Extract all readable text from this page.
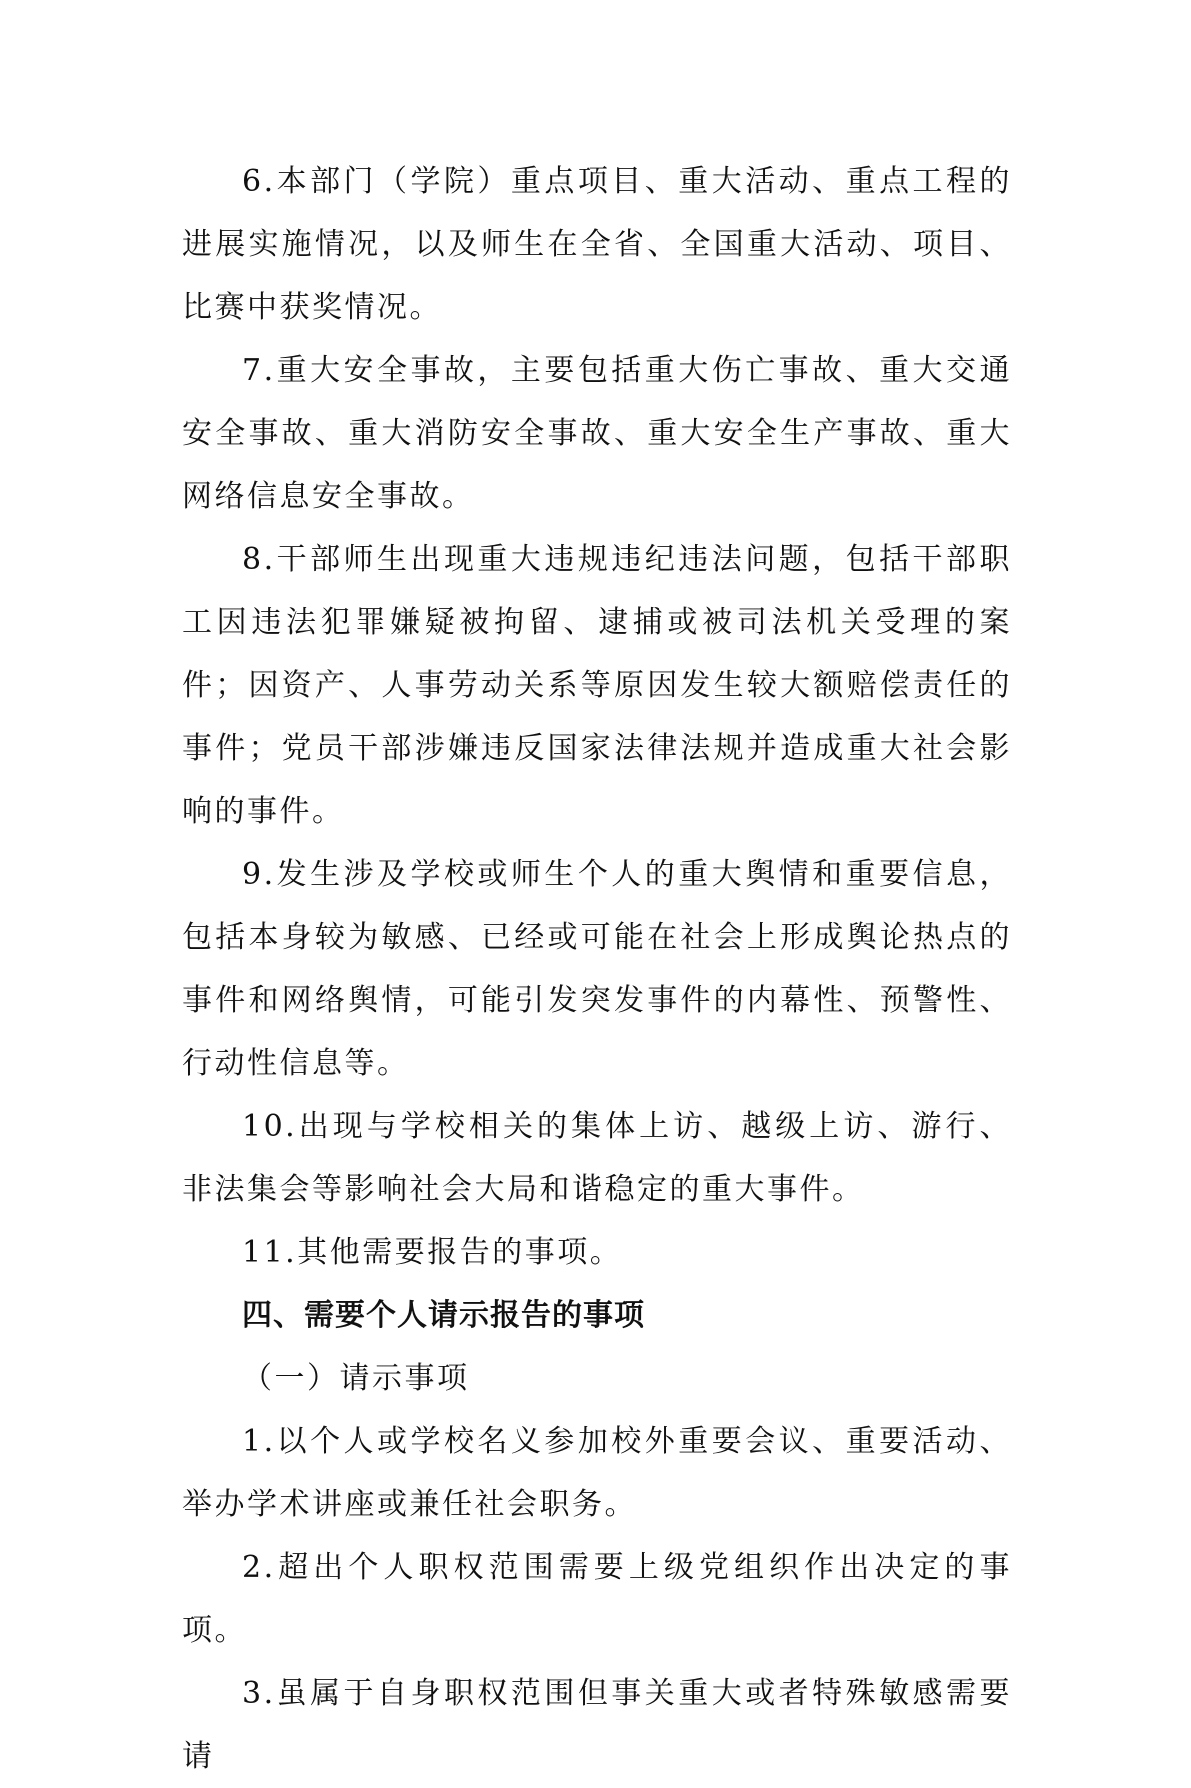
6.本部门（学院）重点项目、重大活动、重点工程的进展实施情况，以及师生在全省、全国重大活动、项目、比赛中获奖情况。

7.重大安全事故，主要包括重大伤亡事故、重大交通安全事故、重大消防安全事故、重大安全生产事故、重大网络信息安全事故。

8.干部师生出现重大违规违纪违法问题，包括干部职工因违法犯罪嫌疑被拘留、逮捕或被司法机关受理的案件；因资产、人事劳动关系等原因发生较大额赔偿责任的事件；党员干部涉嫌违反国家法律法规并造成重大社会影响的事件。

9.发生涉及学校或师生个人的重大舆情和重要信息，包括本身较为敏感、已经或可能在社会上形成舆论热点的事件和网络舆情，可能引发突发事件的内幕性、预警性、行动性信息等。

10.出现与学校相关的集体上访、越级上访、游行、非法集会等影响社会大局和谐稳定的重大事件。

11.其他需要报告的事项。

四、需要个人请示报告的事项

（一）请示事项

1.以个人或学校名义参加校外重要会议、重要活动、举办学术讲座或兼任社会职务。

2.超出个人职权范围需要上级党组织作出决定的事项。

3.虽属于自身职权范围但事关重大或者特殊敏感需要请
